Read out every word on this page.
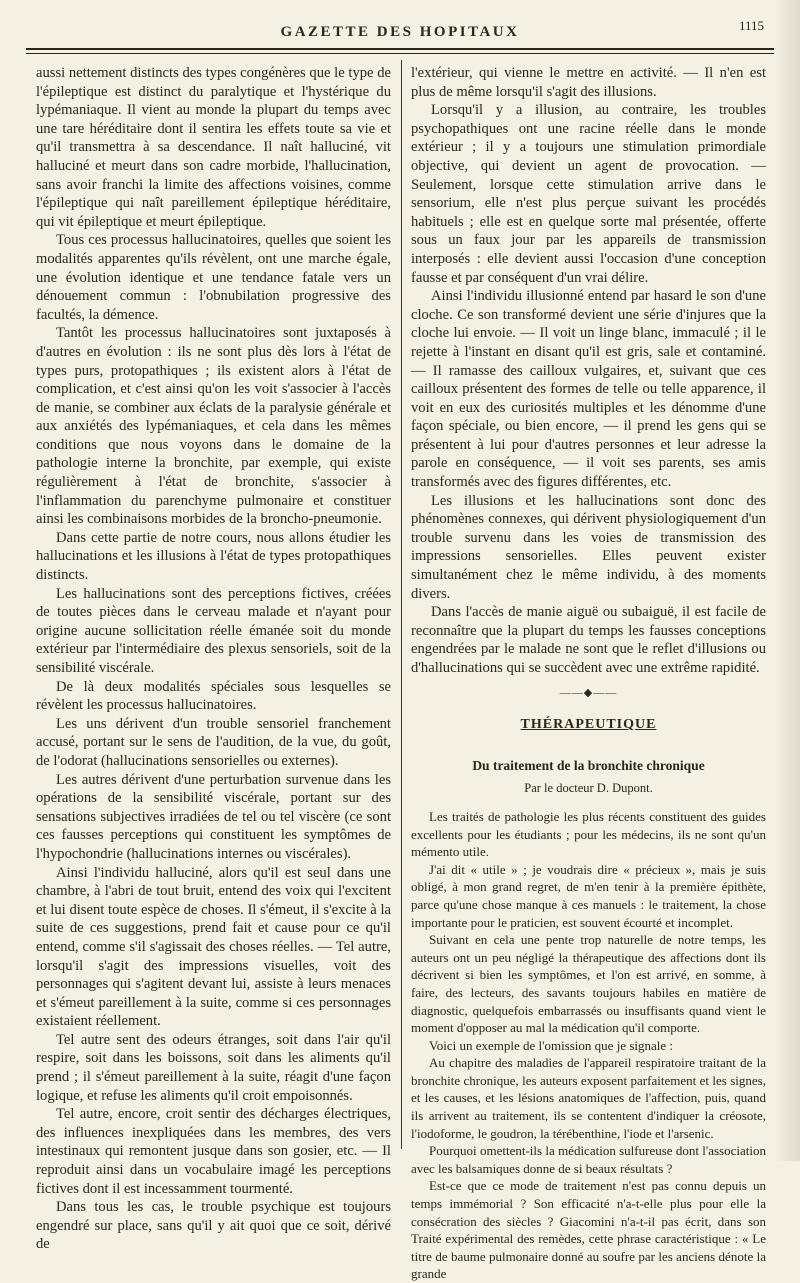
GAZETTE DES HOPITAUX	1115

aussi nettement distincts des types congénères que le type de l'épileptique est distinct du paralytique et l'hystérique du lypémaniaque. Il vient au monde la plupart du temps avec une tare héréditaire dont il sentira les effets toute sa vie et qu'il transmettra à sa descendance. Il naît halluciné, vit halluciné et meurt dans son cadre morbide, l'hallucination, sans avoir franchi la limite des affections voisines, comme l'épileptique qui naît pareillement épileptique héréditaire, qui vit épileptique et meurt épileptique.

Tous ces processus hallucinatoires, quelles que soient les modalités apparentes qu'ils révèlent, ont une marche égale, une évolution identique et une tendance fatale vers un dénouement commun : l'obnubilation progressive des facultés, la démence.

Tantôt les processus hallucinatoires sont juxtaposés à d'autres en évolution : ils ne sont plus dès lors à l'état de types purs, protopathiques ; ils existent alors à l'état de complication, et c'est ainsi qu'on les voit s'associer à l'accès de manie, se combiner aux éclats de la paralysie générale et aux anxiétés des lypémaniaques, et cela dans les mêmes conditions que nous voyons dans le domaine de la pathologie interne la bronchite, par exemple, qui existe régulièrement à l'état de bronchite, s'associer à l'inflammation du parenchyme pulmonaire et constituer ainsi les combinaisons morbides de la broncho-pneumonie.

Dans cette partie de notre cours, nous allons étudier les hallucinations et les illusions à l'état de types protopathiques distincts.

Les hallucinations sont des perceptions fictives, créées de toutes pièces dans le cerveau malade et n'ayant pour origine aucune sollicitation réelle émanée soit du monde extérieur par l'intermédiaire des plexus sensoriels, soit de la sensibilité viscérale.

De là deux modalités spéciales sous lesquelles se révèlent les processus hallucinatoires.

Les uns dérivent d'un trouble sensoriel franchement accusé, portant sur le sens de l'audition, de la vue, du goût, de l'odorat (hallucinations sensorielles ou externes).

Les autres dérivent d'une perturbation survenue dans les opérations de la sensibilité viscérale, portant sur des sensations subjectives irradiées de tel ou tel viscère (ce sont ces fausses perceptions qui constituent les symptômes de l'hypochondrie (hallucinations internes ou viscérales).

Ainsi l'individu halluciné, alors qu'il est seul dans une chambre, à l'abri de tout bruit, entend des voix qui l'excitent et lui disent toute espèce de choses. Il s'émeut, il s'excite à la suite de ces suggestions, prend fait et cause pour ce qu'il entend, comme s'il s'agissait des choses réelles. — Tel autre, lorsqu'il s'agit des impressions visuelles, voit des personnages qui s'agitent devant lui, assiste à leurs menaces et s'émeut pareillement à la suite, comme si ces personnages existaient réellement.

Tel autre sent des odeurs étranges, soit dans l'air qu'il respire, soit dans les boissons, soit dans les aliments qu'il prend ; il s'émeut pareillement à la suite, réagit d'une façon logique, et refuse les aliments qu'il croit empoisonnés.

Tel autre, encore, croit sentir des décharges électriques, des influences inexpliquées dans les membres, des vers intestinaux qui remontent jusque dans son gosier, etc. — Il reproduit ainsi dans un vocabulaire imagé les perceptions fictives dont il est incessamment tourmenté.

Dans tous les cas, le trouble psychique est toujours engendré sur place, sans qu'il y ait quoi que ce soit, dérivé de

l'extérieur, qui vienne le mettre en activité. — Il n'en est plus de même lorsqu'il s'agit des illusions.

Lorsqu'il y a illusion, au contraire, les troubles psychopathiques ont une racine réelle dans le monde extérieur ; il y a toujours une stimulation primordiale objective, qui devient un agent de provocation. — Seulement, lorsque cette stimulation arrive dans le sensorium, elle n'est plus perçue suivant les procédés habituels ; elle est en quelque sorte mal présentée, offerte sous un faux jour par les appareils de transmission interposés : elle devient aussi l'occasion d'une conception fausse et par conséquent d'un vrai délire.

Ainsi l'individu illusionné entend par hasard le son d'une cloche. Ce son transformé devient une série d'injures que la cloche lui envoie. — Il voit un linge blanc, immaculé ; il le rejette à l'instant en disant qu'il est gris, sale et contaminé. — Il ramasse des cailloux vulgaires, et, suivant que ces cailloux présentent des formes de telle ou telle apparence, il voit en eux des curiosités multiples et les dénomme d'une façon spéciale, ou bien encore, — il prend les gens qui se présentent à lui pour d'autres personnes et leur adresse la parole en conséquence, — il voit ses parents, ses amis transformés avec des figures différentes, etc.

Les illusions et les hallucinations sont donc des phénomènes connexes, qui dérivent physiologiquement d'un trouble survenu dans les voies de transmission des impressions sensorielles. Elles peuvent exister simultanément chez le même individu, à des moments divers.

Dans l'accès de manie aiguë ou subaiguë, il est facile de reconnaître que la plupart du temps les fausses conceptions engendrées par le malade ne sont que le reflet d'illusions ou d'hallucinations qui se succèdent avec une extrême rapidité.

——◆——
THÉRAPEUTIQUE
Du traitement de la bronchite chronique
Par le docteur D. Dupont.

Les traités de pathologie les plus récents constituent des guides excellents pour les étudiants ; pour les médecins, ils ne sont qu'un mémento utile.

J'ai dit « utile » ; je voudrais dire « précieux », mais je suis obligé, à mon grand regret, de m'en tenir à la première épithète, parce qu'une chose manque à ces manuels : le traitement, la chose importante pour le praticien, est souvent écourté et incomplet.

Suivant en cela une pente trop naturelle de notre temps, les auteurs ont un peu négligé la thérapeutique des affections dont ils décrivent si bien les symptômes, et l'on est arrivé, en somme, à faire, des lecteurs, des savants toujours habiles en matière de diagnostic, quelquefois embarrassés ou insuffisants quand vient le moment d'opposer au mal la médication qu'il comporte.

Voici un exemple de l'omission que je signale :

Au chapitre des maladies de l'appareil respiratoire traitant de la bronchite chronique, les auteurs exposent parfaitement et les signes, et les causes, et les lésions anatomiques de l'affection, puis, quand ils arrivent au traitement, ils se contentent d'indiquer la créosote, l'iodoforme, le goudron, la térébenthine, l'iode et l'arsenic.

Pourquoi omettent-ils la médication sulfureuse dont l'association avec les balsamiques donne de si beaux résultats ?

Est-ce que ce mode de traitement n'est pas connu depuis un temps immémorial ? Son efficacité n'a-t-elle plus pour elle la consécration des siècles ? Giacomini n'a-t-il pas écrit, dans son Traité expérimental des remèdes, cette phrase caractéristique : « Le titre de baume pulmonaire donné au soufre par les anciens dénote la grande
